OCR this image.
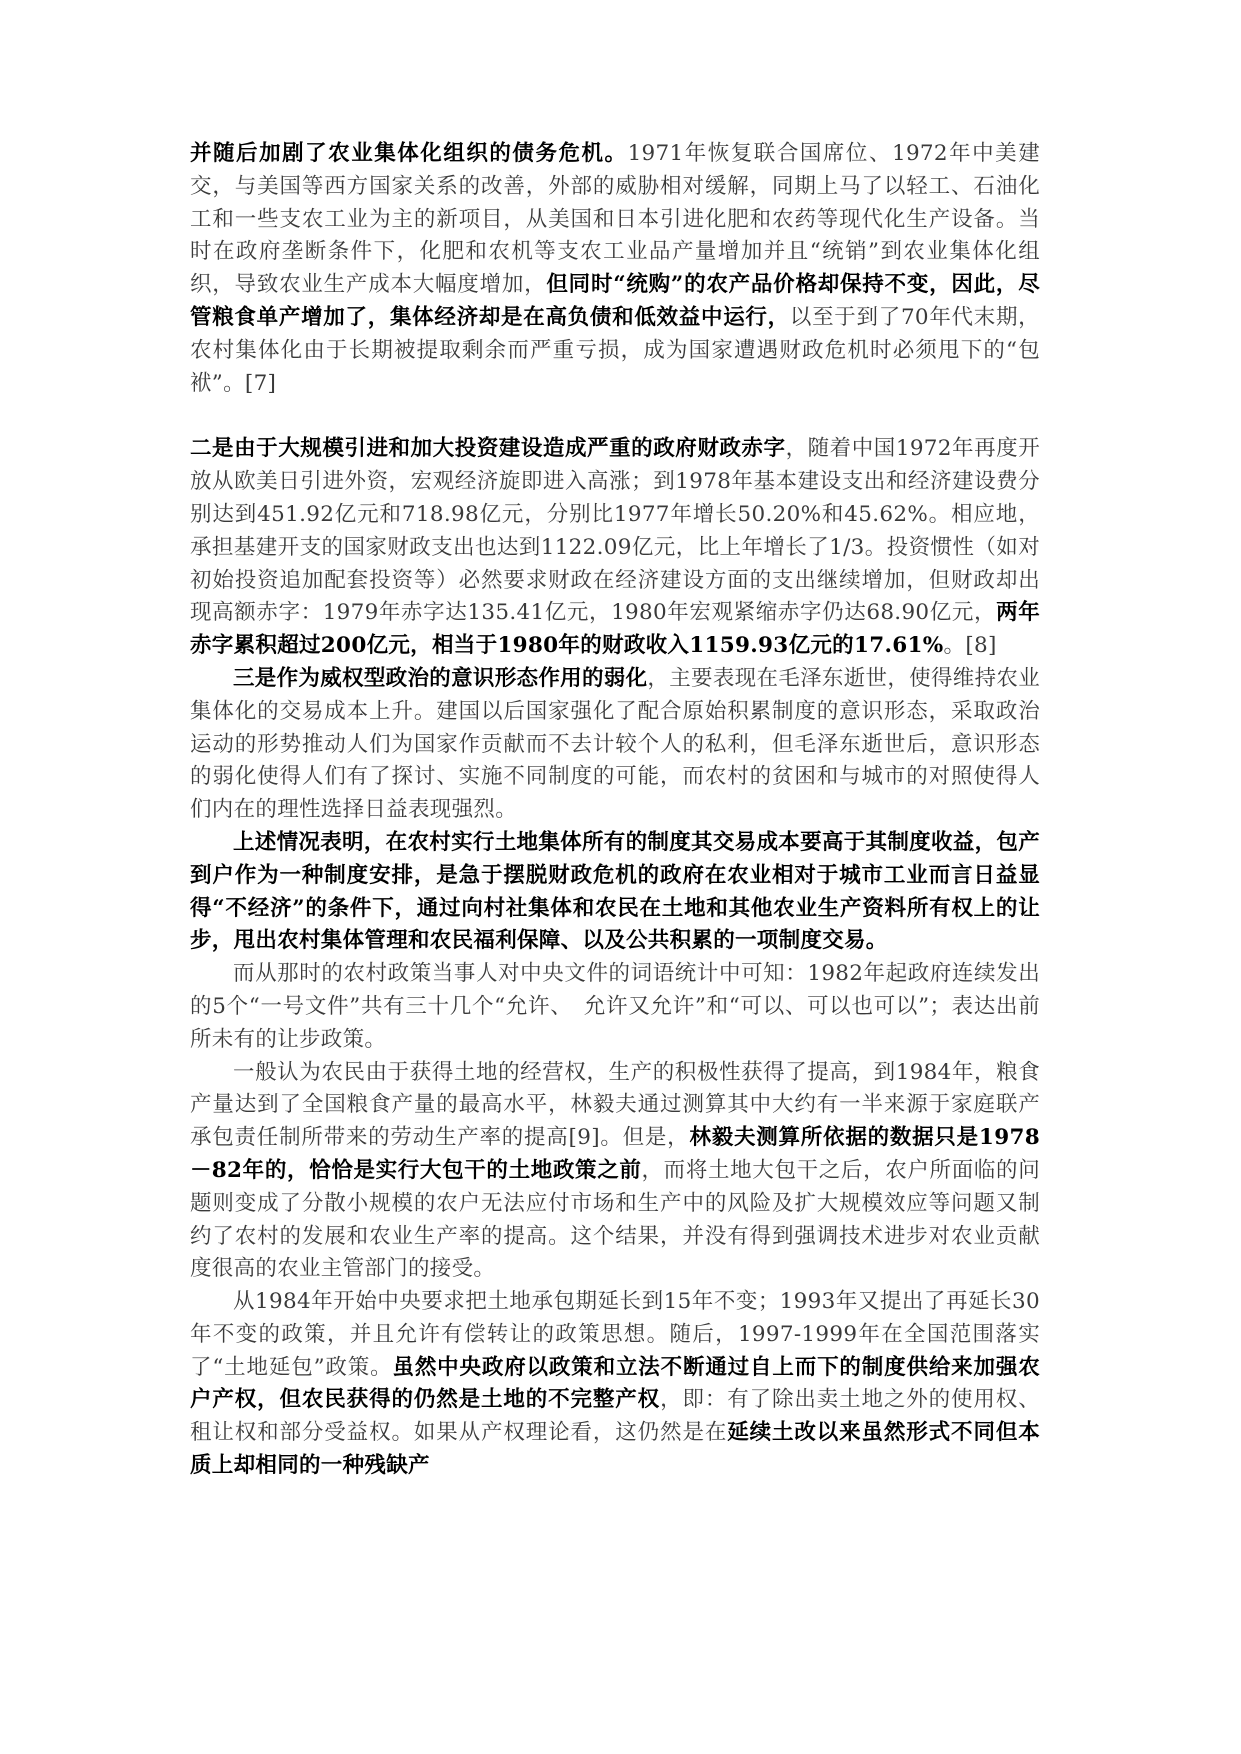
并随后加剧了农业集体化组织的债务危机。1971年恢复联合国席位、1972年中美建交，与美国等西方国家关系的改善，外部的威胁相对缓解，同期上马了以轻工、石油化工和一些支农工业为主的新项目，从美国和日本引进化肥和农药等现代化生产设备。当时在政府垄断条件下，化肥和农机等支农工业品产量增加并且“统销”到农业集体化组织，导致农业生产成本大幅度增加，但同时“统购”的农产品价格却保持不变，因此，尽管粮食单产增加了，集体经济却是在高负债和低效益中运行，以至于到了70年代末期，农村集体化由于长期被提取剩余而严重亏损，成为国家遭遇财政危机时必须甩下的“包袱”。[7]

二是由于大规模引进和加大投资建设造成严重的政府财政赤字，随着中国1972年再度开放从欧美日引进外资，宏观经济旋即进入高涨；到1978年基本建设支出和经济建设费分别达到451.92亿元和718.98亿元，分别比1977年增长50.20%和45.62%。相应地，承担基建开支的国家财政支出也达到1122.09亿元，比上年增长了1/3。投资惯性（如对初始投资追加配套投资等）必然要求财政在经济建设方面的支出继续增加，但财政却出现高额赤字：1979年赤字达135.41亿元，1980年宏观紧缩赤字仍达68.90亿元，两年赤字累积超过200亿元，相当于1980年的财政收入1159.93亿元的17.61%。[8]

三是作为威权型政治的意识形态作用的弱化，主要表现在毛泽东逝世，使得维持农业集体化的交易成本上升。建国以后国家强化了配合原始积累制度的意识形态，采取政治运动的形势推动人们为国家作贡献而不去计较个人的私利，但毛泽东逝世后，意识形态的弱化使得人们有了探讨、实施不同制度的可能，而农村的贫困和与城市的对照使得人们内在的理性选择日益表现强烈。

上述情况表明，在农村实行土地集体所有的制度其交易成本要高于其制度收益，包产到户作为一种制度安排，是急于摆脱财政危机的政府在农业相对于城市工业而言日益显得“不经济”的条件下，通过向村社集体和农民在土地和其他农业生产资料所有权上的让步，甩出农村集体管理和农民福利保障、以及公共积累的一项制度交易。

而从那时的农村政策当事人对中央文件的词语统计中可知：1982年起政府连续发出的5个“一号文件”共有三十几个“允许、　允许又允许”和“可以、可以也可以”；表达出前所未有的让步政策。

一般认为农民由于获得土地的经营权，生产的积极性获得了提高，到1984年，粮食产量达到了全国粮食产量的最高水平，林毅夫通过测算其中大约有一半来源于家庭联产承包责任制所带来的劳动生产率的提高[9]。但是，林毅夫测算所依据的数据只是1978－82年的，恰恰是实行大包干的土地政策之前，而将土地大包干之后，农户所面临的问题则变成了分散小规模的农户无法应付市场和生产中的风险及扩大规模效应等问题又制约了农村的发展和农业生产率的提高。这个结果，并没有得到强调技术进步对农业贡献度很高的农业主管部门的接受。

从1984年开始中央要求把土地承包期延长到15年不变；1993年又提出了再延长30年不变的政策，并且允许有偿转让的政策思想。随后，1997-1999年在全国范围落实了“土地延包”政策。虽然中央政府以政策和立法不断通过自上而下的制度供给来加强农户产权，但农民获得的仍然是土地的不完整产权，即：有了除出卖土地之外的使用权、租让权和部分受益权。如果从产权理论看，这仍然是在延续土改以来虽然形式不同但本质上却相同的一种残缺产
